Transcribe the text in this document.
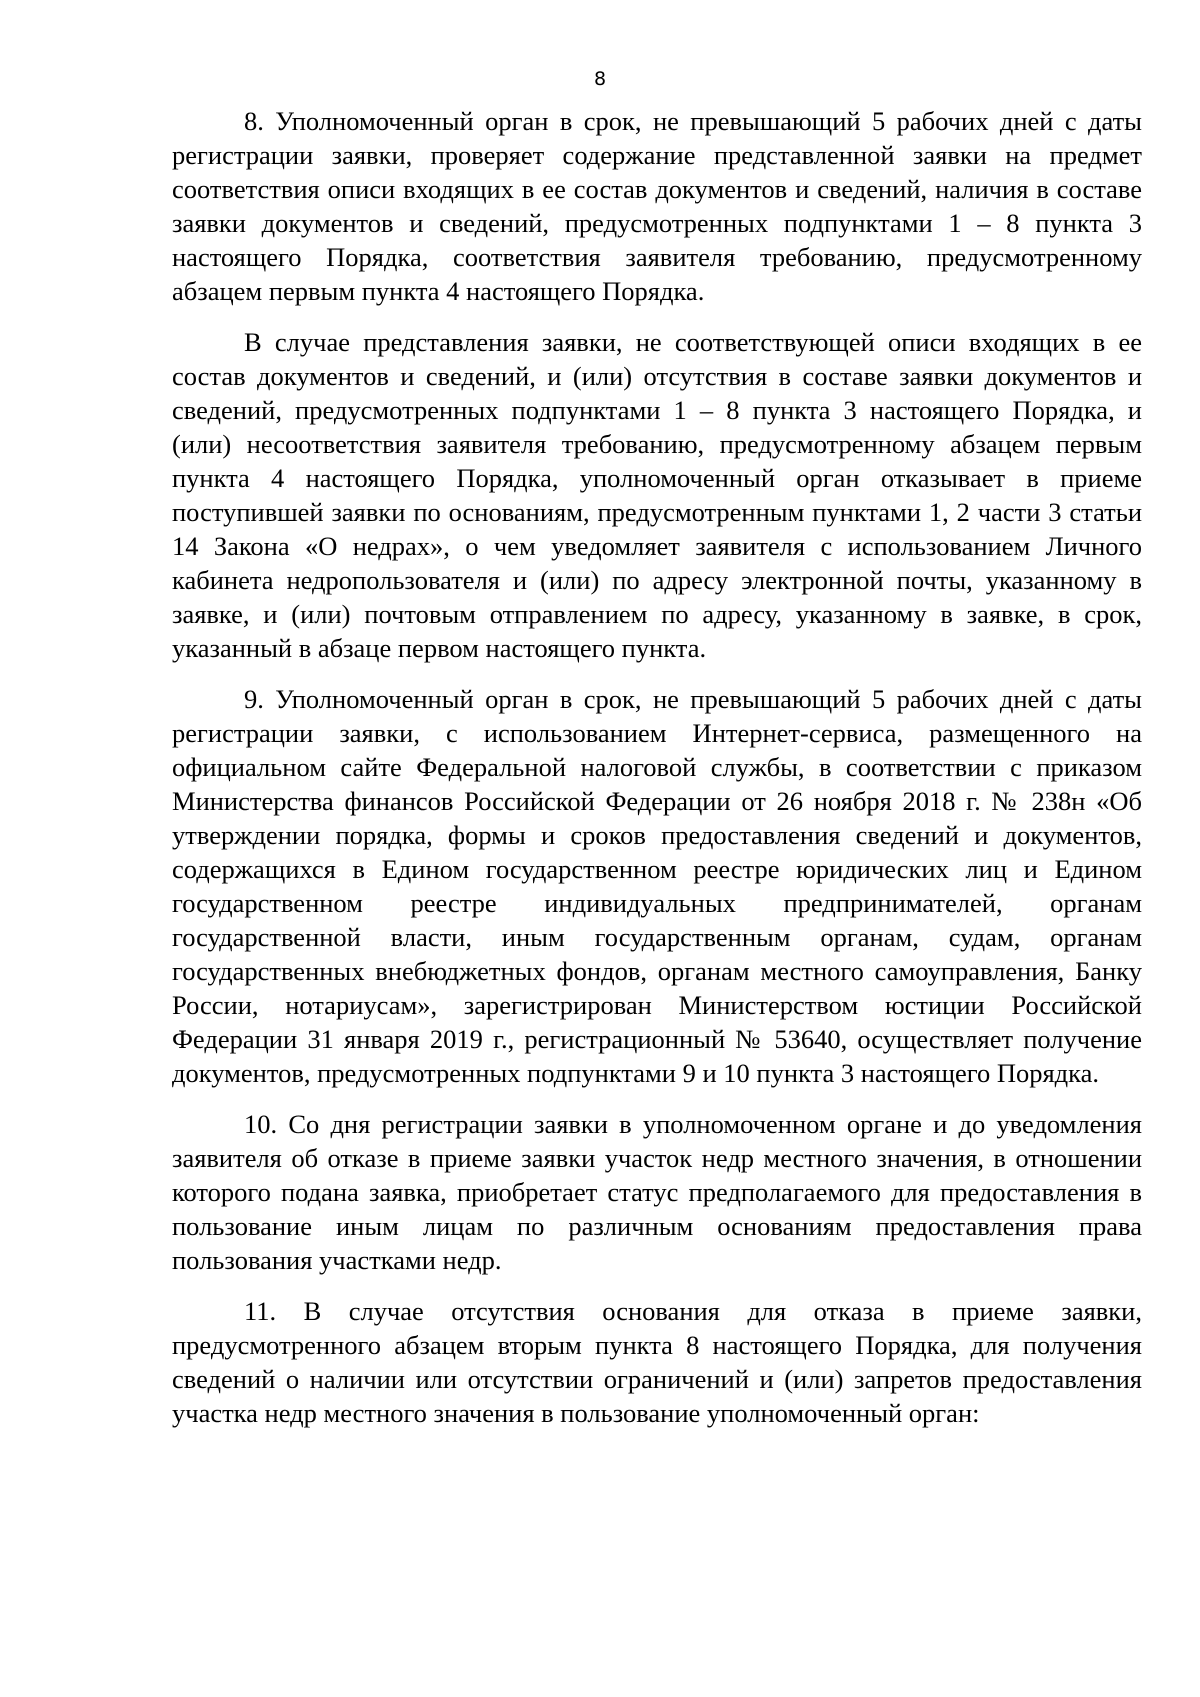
8

8. Уполномоченный орган в срок, не превышающий 5 рабочих дней с даты регистрации заявки, проверяет содержание представленной заявки на предмет соответствия описи входящих в ее состав документов и сведений, наличия в составе заявки документов и сведений, предусмотренных подпунктами 1 – 8 пункта 3 настоящего Порядка, соответствия заявителя требованию, предусмотренному абзацем первым пункта 4 настоящего Порядка.

В случае представления заявки, не соответствующей описи входящих в ее состав документов и сведений, и (или) отсутствия в составе заявки документов и сведений, предусмотренных подпунктами 1 – 8 пункта 3 настоящего Порядка, и (или) несоответствия заявителя требованию, предусмотренному абзацем первым пункта 4 настоящего Порядка, уполномоченный орган отказывает в приеме поступившей заявки по основаниям, предусмотренным пунктами 1, 2 части 3 статьи 14 Закона «О недрах», о чем уведомляет заявителя с использованием Личного кабинета недропользователя и (или) по адресу электронной почты, указанному в заявке, и (или) почтовым отправлением по адресу, указанному в заявке, в срок, указанный в абзаце первом настоящего пункта.

9. Уполномоченный орган в срок, не превышающий 5 рабочих дней с даты регистрации заявки, с использованием Интернет-сервиса, размещенного на официальном сайте Федеральной налоговой службы, в соответствии с приказом Министерства финансов Российской Федерации от 26 ноября 2018 г. № 238н «Об утверждении порядка, формы и сроков предоставления сведений и документов, содержащихся в Едином государственном реестре юридических лиц и Едином государственном реестре индивидуальных предпринимателей, органам государственной власти, иным государственным органам, судам, органам государственных внебюджетных фондов, органам местного самоуправления, Банку России, нотариусам», зарегистрирован Министерством юстиции Российской Федерации 31 января 2019 г., регистрационный № 53640, осуществляет получение документов, предусмотренных подпунктами 9 и 10 пункта 3 настоящего Порядка.

10. Со дня регистрации заявки в уполномоченном органе и до уведомления заявителя об отказе в приеме заявки участок недр местного значения, в отношении которого подана заявка, приобретает статус предполагаемого для предоставления в пользование иным лицам по различным основаниям предоставления права пользования участками недр.

11. В случае отсутствия основания для отказа в приеме заявки, предусмотренного абзацем вторым пункта 8 настоящего Порядка, для получения сведений о наличии или отсутствии ограничений и (или) запретов предоставления участка недр местного значения в пользование уполномоченный орган:
